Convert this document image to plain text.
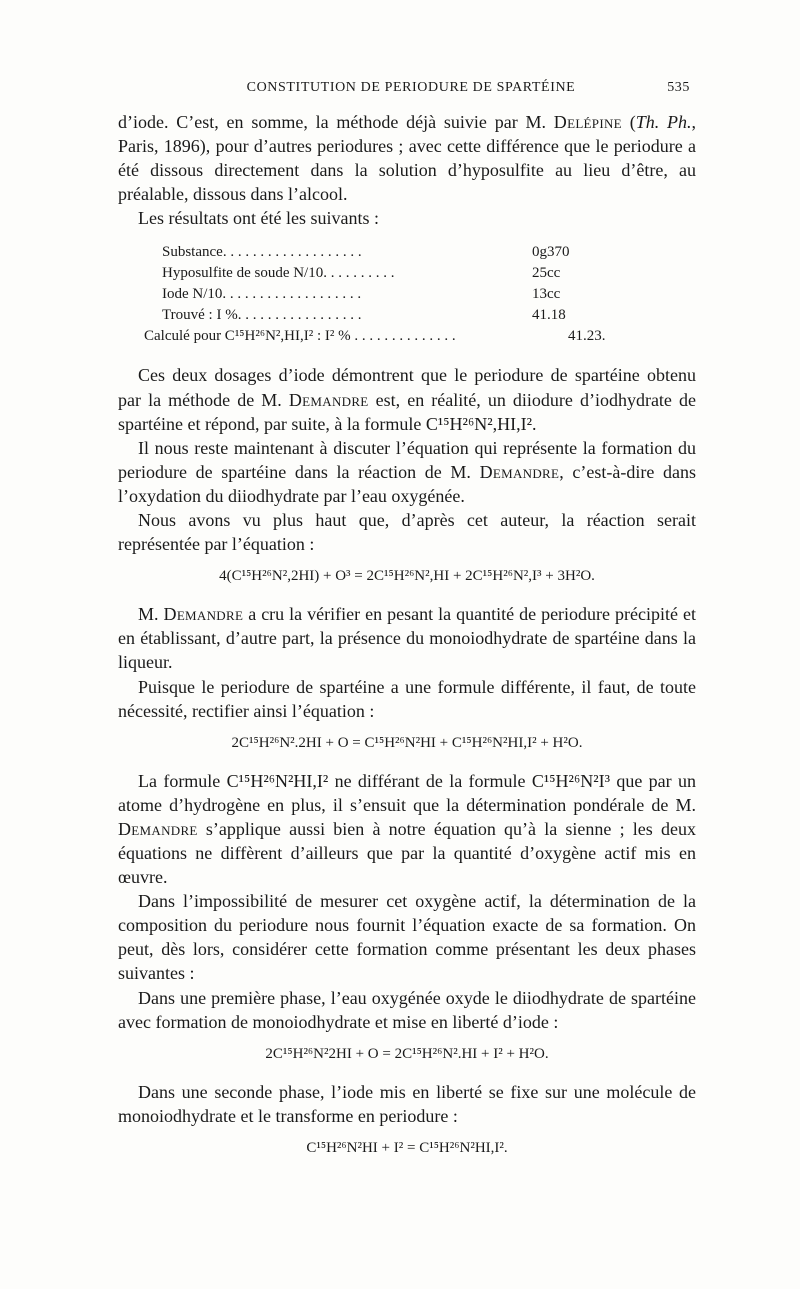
CONSTITUTION DE PERIODURE DE SPARTÉINE	535

d’iode. C’est, en somme, la méthode déjà suivie par M. Delépine (Th. Ph., Paris, 1896), pour d’autres periodures ; avec cette différence que le periodure a été dissous directement dans la solution d’hyposulfite au lieu d’être, au préalable, dissous dans l’alcool.

Les résultats ont été les suivants :

Substance. . . . . . . . . . . . . . . . . . .	0g370
Hyposulfite de soude N/10. . . . . . . . . .	25cc
Iode N/10. . . . . . . . . . . . . . . . . . .	13cc
Trouvé : I %. . . . . . . . . . . . . . . . .	41.18
Calculé pour C¹⁵H²⁶N²,HI,I² : I² % . . . . . . . . . . . . . .	41.23.

Ces deux dosages d’iode démontrent que le periodure de spartéine obtenu par la méthode de M. Demandre est, en réalité, un diiodure d’iodhydrate de spartéine et répond, par suite, à la formule C¹⁵H²⁶N²,HI,I².

Il nous reste maintenant à discuter l’équation qui représente la formation du periodure de spartéine dans la réaction de M. Demandre, c’est-à-dire dans l’oxydation du diiodhydrate par l’eau oxygénée.

Nous avons vu plus haut que, d’après cet auteur, la réaction serait représentée par l’équation :

4(C¹⁵H²⁶N²,2HI) + O³ = 2C¹⁵H²⁶N²,HI + 2C¹⁵H²⁶N²,I³ + 3H²O.

M. Demandre a cru la vérifier en pesant la quantité de periodure précipité et en établissant, d’autre part, la présence du monoiodhydrate de spartéine dans la liqueur.

Puisque le periodure de spartéine a une formule différente, il faut, de toute nécessité, rectifier ainsi l’équation :

2C¹⁵H²⁶N².2HI + O = C¹⁵H²⁶N²HI + C¹⁵H²⁶N²HI,I² + H²O.

La formule C¹⁵H²⁶N²HI,I² ne différant de la formule C¹⁵H²⁶N²I³ que par un atome d’hydrogène en plus, il s’ensuit que la détermination pondérale de M. Demandre s’applique aussi bien à notre équation qu’à la sienne ; les deux équations ne diffèrent d’ailleurs que par la quantité d’oxygène actif mis en œuvre.

Dans l’impossibilité de mesurer cet oxygène actif, la détermination de la composition du periodure nous fournit l’équation exacte de sa formation. On peut, dès lors, considérer cette formation comme présentant les deux phases suivantes :

Dans une première phase, l’eau oxygénée oxyde le diiodhydrate de spartéine avec formation de monoiodhydrate et mise en liberté d’iode :

2C¹⁵H²⁶N²2HI + O = 2C¹⁵H²⁶N².HI + I² + H²O.

Dans une seconde phase, l’iode mis en liberté se fixe sur une molécule de monoiodhydrate et le transforme en periodure :

C¹⁵H²⁶N²HI + I² = C¹⁵H²⁶N²HI,I².
